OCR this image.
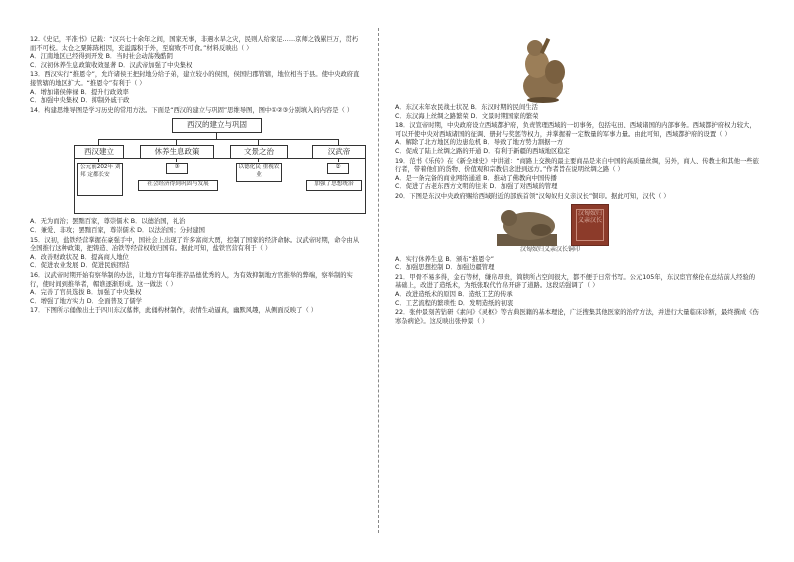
12.《史记，平准书》记载：“汉兴七十余年之间，国家无事，非遇水旱之灾，民则人给家足……京师之钱累巨万，贯朽而不可校。太仓之粟陈陈相因，充溢露积于外，至腐败不可食。”材料反映出（ ）

A．江南地区已经得到开发 B．当时社会动荡残酷阴

C．汉初休养生息政策收效显著 D．汉武帝加强了中央集权

13．西汉实行“推恩令”，允许诸侯王把封地分给子弟，建立较小的侯国，侯国归郡管辖，地位相当于县。使中央政府直接管辖的地区扩大。“推恩令”有利于（ ）

A．增加诸侯俸禄 B．提升行政效率

C．加强中央集权 D．抑制外戚干政

14．构建思维导图是学习历史的常用方法。下面是“西汉的建立与巩固”思维导图，图中①②③分别填入的内容是（ ）

西汉的建立与巩固
西汉建立	休养生息政策	文景之治	汉武帝
公元前202年 刘邦 定都长安
③
社会经济得到巩固与发展
以德化民 重视农业
②
加强了思想统治

A．无为而治；罢黜百家，尊崇儒术 B．以德治国，礼治

C．兼爱、非攻；罢黜百家，尊崇儒术 D．以法治国；分封建国

15．汉初，盐铁经营掌握在豪强手中，国社会上出现了许多富商大贾，控制了国家的经济命脉。汉武帝时期，命令由从全国推行这种政策，把铸造、冶铁等经营权收归国有。据此可知，盐铁官营有利于（ ）

A．改善财政状况 B．提高商人地位

C．促进农业发展 D．促进民族团结

16．汉武帝时期开始有察举制的办法，让地方官每年推荐品德优秀的人，为有效抑制地方官推举的弊端，察举制的实行，使时间到推举者，帽谯逐渐形成。这一做法（ ）

A．完善了官员选拔 B．加强了中央集权

C．增强了地方实力 D．全面普及了儒学

17．下图所示俑像出土于四川东汉墓葬，此俑构材制作，表情生动逼真，幽默风趣，从侧面反映了（ ）

A．东汉末年农民战士状况 B．东汉时期的民间生活

C．东汉海上丝绸之路繁荣 D．文景时期国家的繁荣

18．汉宣帝时期，中央政府设立西域都护府，负责管理西域的一切事务，包括屯田、西域诸国的内部事务。西域都护府权力较大，可以开使中央对西域诸国的征调、册封与奖惩等权力，并掌握着一定数量的军事力量。由此可知，西域都护府的设置（ ）

A．解除了北方地区的边患危机 B．导致了地方势力割据一方

C．促成了陆上丝绸之路的开通 D．有利于新疆的西域地区稳定

19．范书《乐传》在《新全球史》中讲道：“商路上交换的最主要商品是来自中国的高质量丝绸，另外，商人、传教士和其他一些旅行者，带着他们的货物、价值观和宗教信念进到远方。”作者旨在说明丝绸之路（ ）

A．是一条完备的商业网络通道 B．推动了佛教向中国传播

C．促进了古老东西方文明的往来 D．加强了对西域的管理

20．下图是东汉中央政府赐给西域附近的部族首领“汉匈奴归义亲汉长”铜印。据此可知，汉代（ ）

汉匈奴归义亲汉长
汉匈奴归义亲汉长铜印

A．实行休养生息 B．颁布“推恩令”

C．加强思想控制 D．加强边疆管理

21．甲骨不易多得，金石等材，缣帛昂贵，简牍所占空间很大，都不便于日常书写。公元105年，东汉宦官蔡伦在总结前人经验的基础上，改进了造纸术，为纸张取代竹帛开辟了道路。这段话强调了（ ）

A．改进造纸术的原因 B．造纸工艺的传承

C．工艺流程的繁琐性 D．发明造纸的初衷

22．张仲景刻苦钻研《素问》《灵枢》等古典医籍的基本理论，广泛搜集其他医家的治疗方法，并进行大量临床诊断，最终撰成《伤寒杂病论》。这反映出张仲景（ ）
